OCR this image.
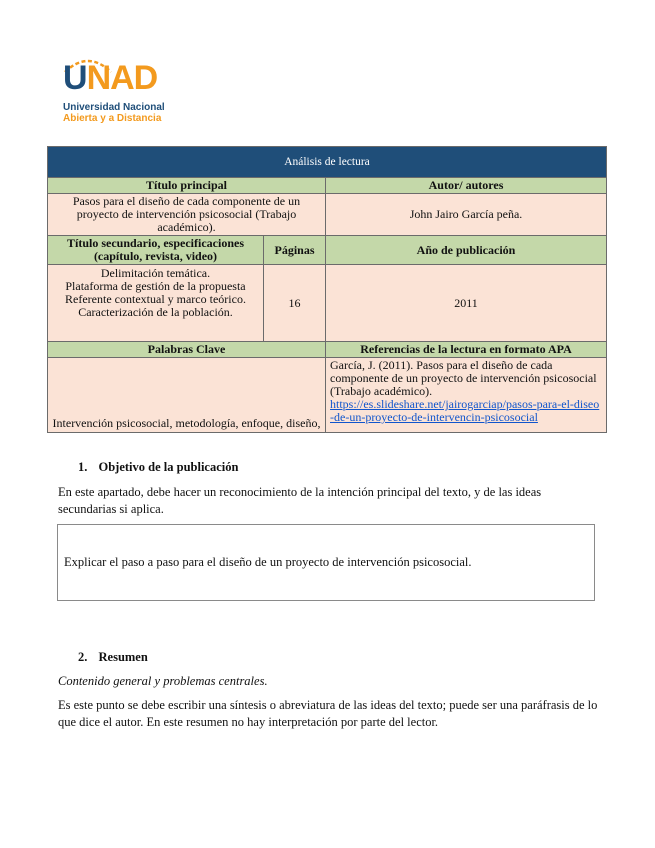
UNAD
Universidad Nacional
Abierta y a Distancia
Análisis de lectura		
Título principal		Autor/ autores
Pasos para el diseño de cada componente de un proyecto de intervención psicosocial (Trabajo académico).		John Jairo García peña.
Título secundario, especificaciones (capítulo, revista, video)	Páginas	Año de publicación

Delimitación temática.
Plataforma de gestión de la propuesta
Referente contextual y marco teórico.
Caracterización de la población.	16	2011
Palabras Clave		Referencias de la lectura en formato APA
Intervención psicosocial, metodología, enfoque, diseño,		García, J. (2011). Pasos para el diseño de cada componente de un proyecto de intervención psicosocial (Trabajo académico).
https://es.slideshare.net/jairogarciap/pasos-para-el-diseo-de-un-proyecto-de-intervencin-psicosocial
1. Objetivo de la publicación
En este apartado, debe hacer un reconocimiento de la intención principal del texto, y de las ideas secundarias si aplica.
Explicar el paso a paso para el diseño de un proyecto de intervención psicosocial.
2. Resumen
Contenido general y problemas centrales.
Es este punto se debe escribir una síntesis o abreviatura de las ideas del texto; puede ser una paráfrasis de lo que dice el autor. En este resumen no hay interpretación por parte del lector.
